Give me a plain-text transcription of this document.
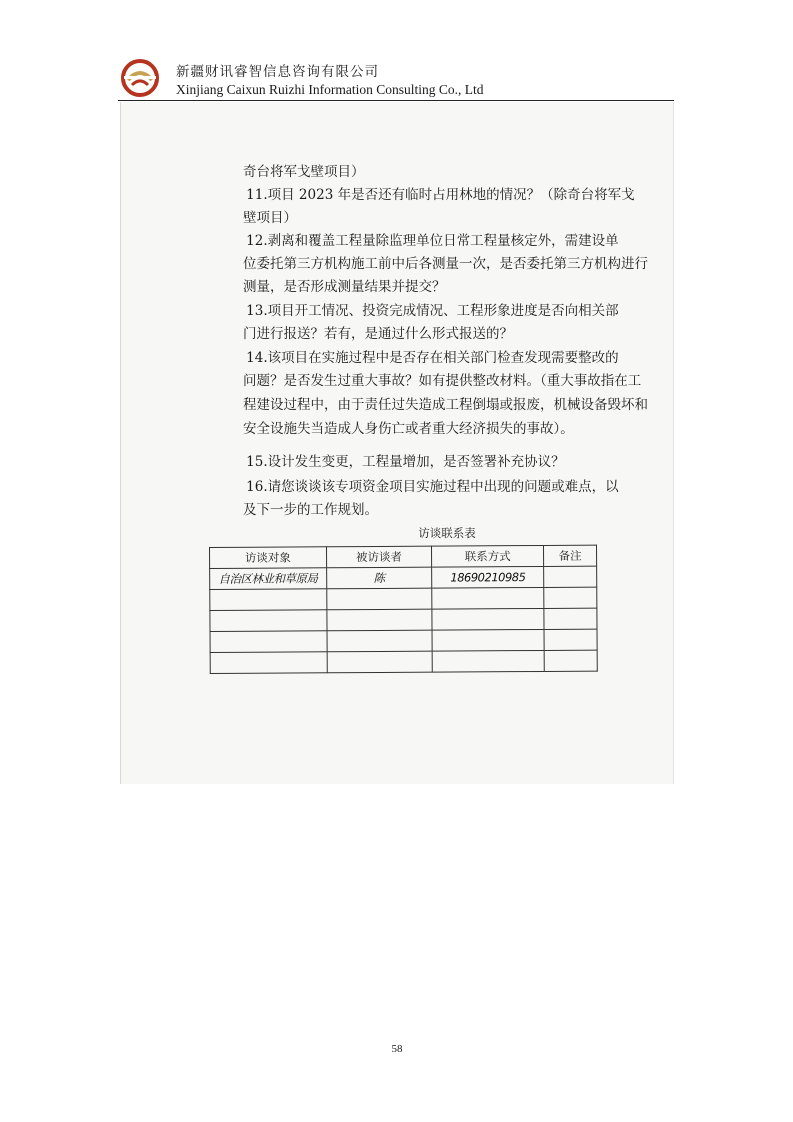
新疆财讯睿智信息咨询有限公司
Xinjiang Caixun Ruizhi Information Consulting Co., Ltd
奇台将军戈壁项目）
11.项目 2023 年是否还有临时占用林地的情况？（除奇台将军戈
壁项目）
12.剥离和覆盖工程量除监理单位日常工程量核定外，需建设单
位委托第三方机构施工前中后各测量一次，是否委托第三方机构进行
测量，是否形成测量结果并提交？
13.项目开工情况、投资完成情况、工程形象进度是否向相关部
门进行报送？若有，是通过什么形式报送的？
14.该项目在实施过程中是否存在相关部门检查发现需要整改的
问题？是否发生过重大事故？如有提供整改材料。（重大事故指在工
程建设过程中，由于责任过失造成工程倒塌或报废，机械设备毁坏和
安全设施失当造成人身伤亡或者重大经济损失的事故）。
15.设计发生变更，工程量增加，是否签署补充协议？
16.请您谈谈该专项资金项目实施过程中出现的问题或难点，以
及下一步的工作规划。
访谈联系表
访谈对象	被访谈者	联系方式	备注
自治区林业和草原局	陈	18690210985	

58
